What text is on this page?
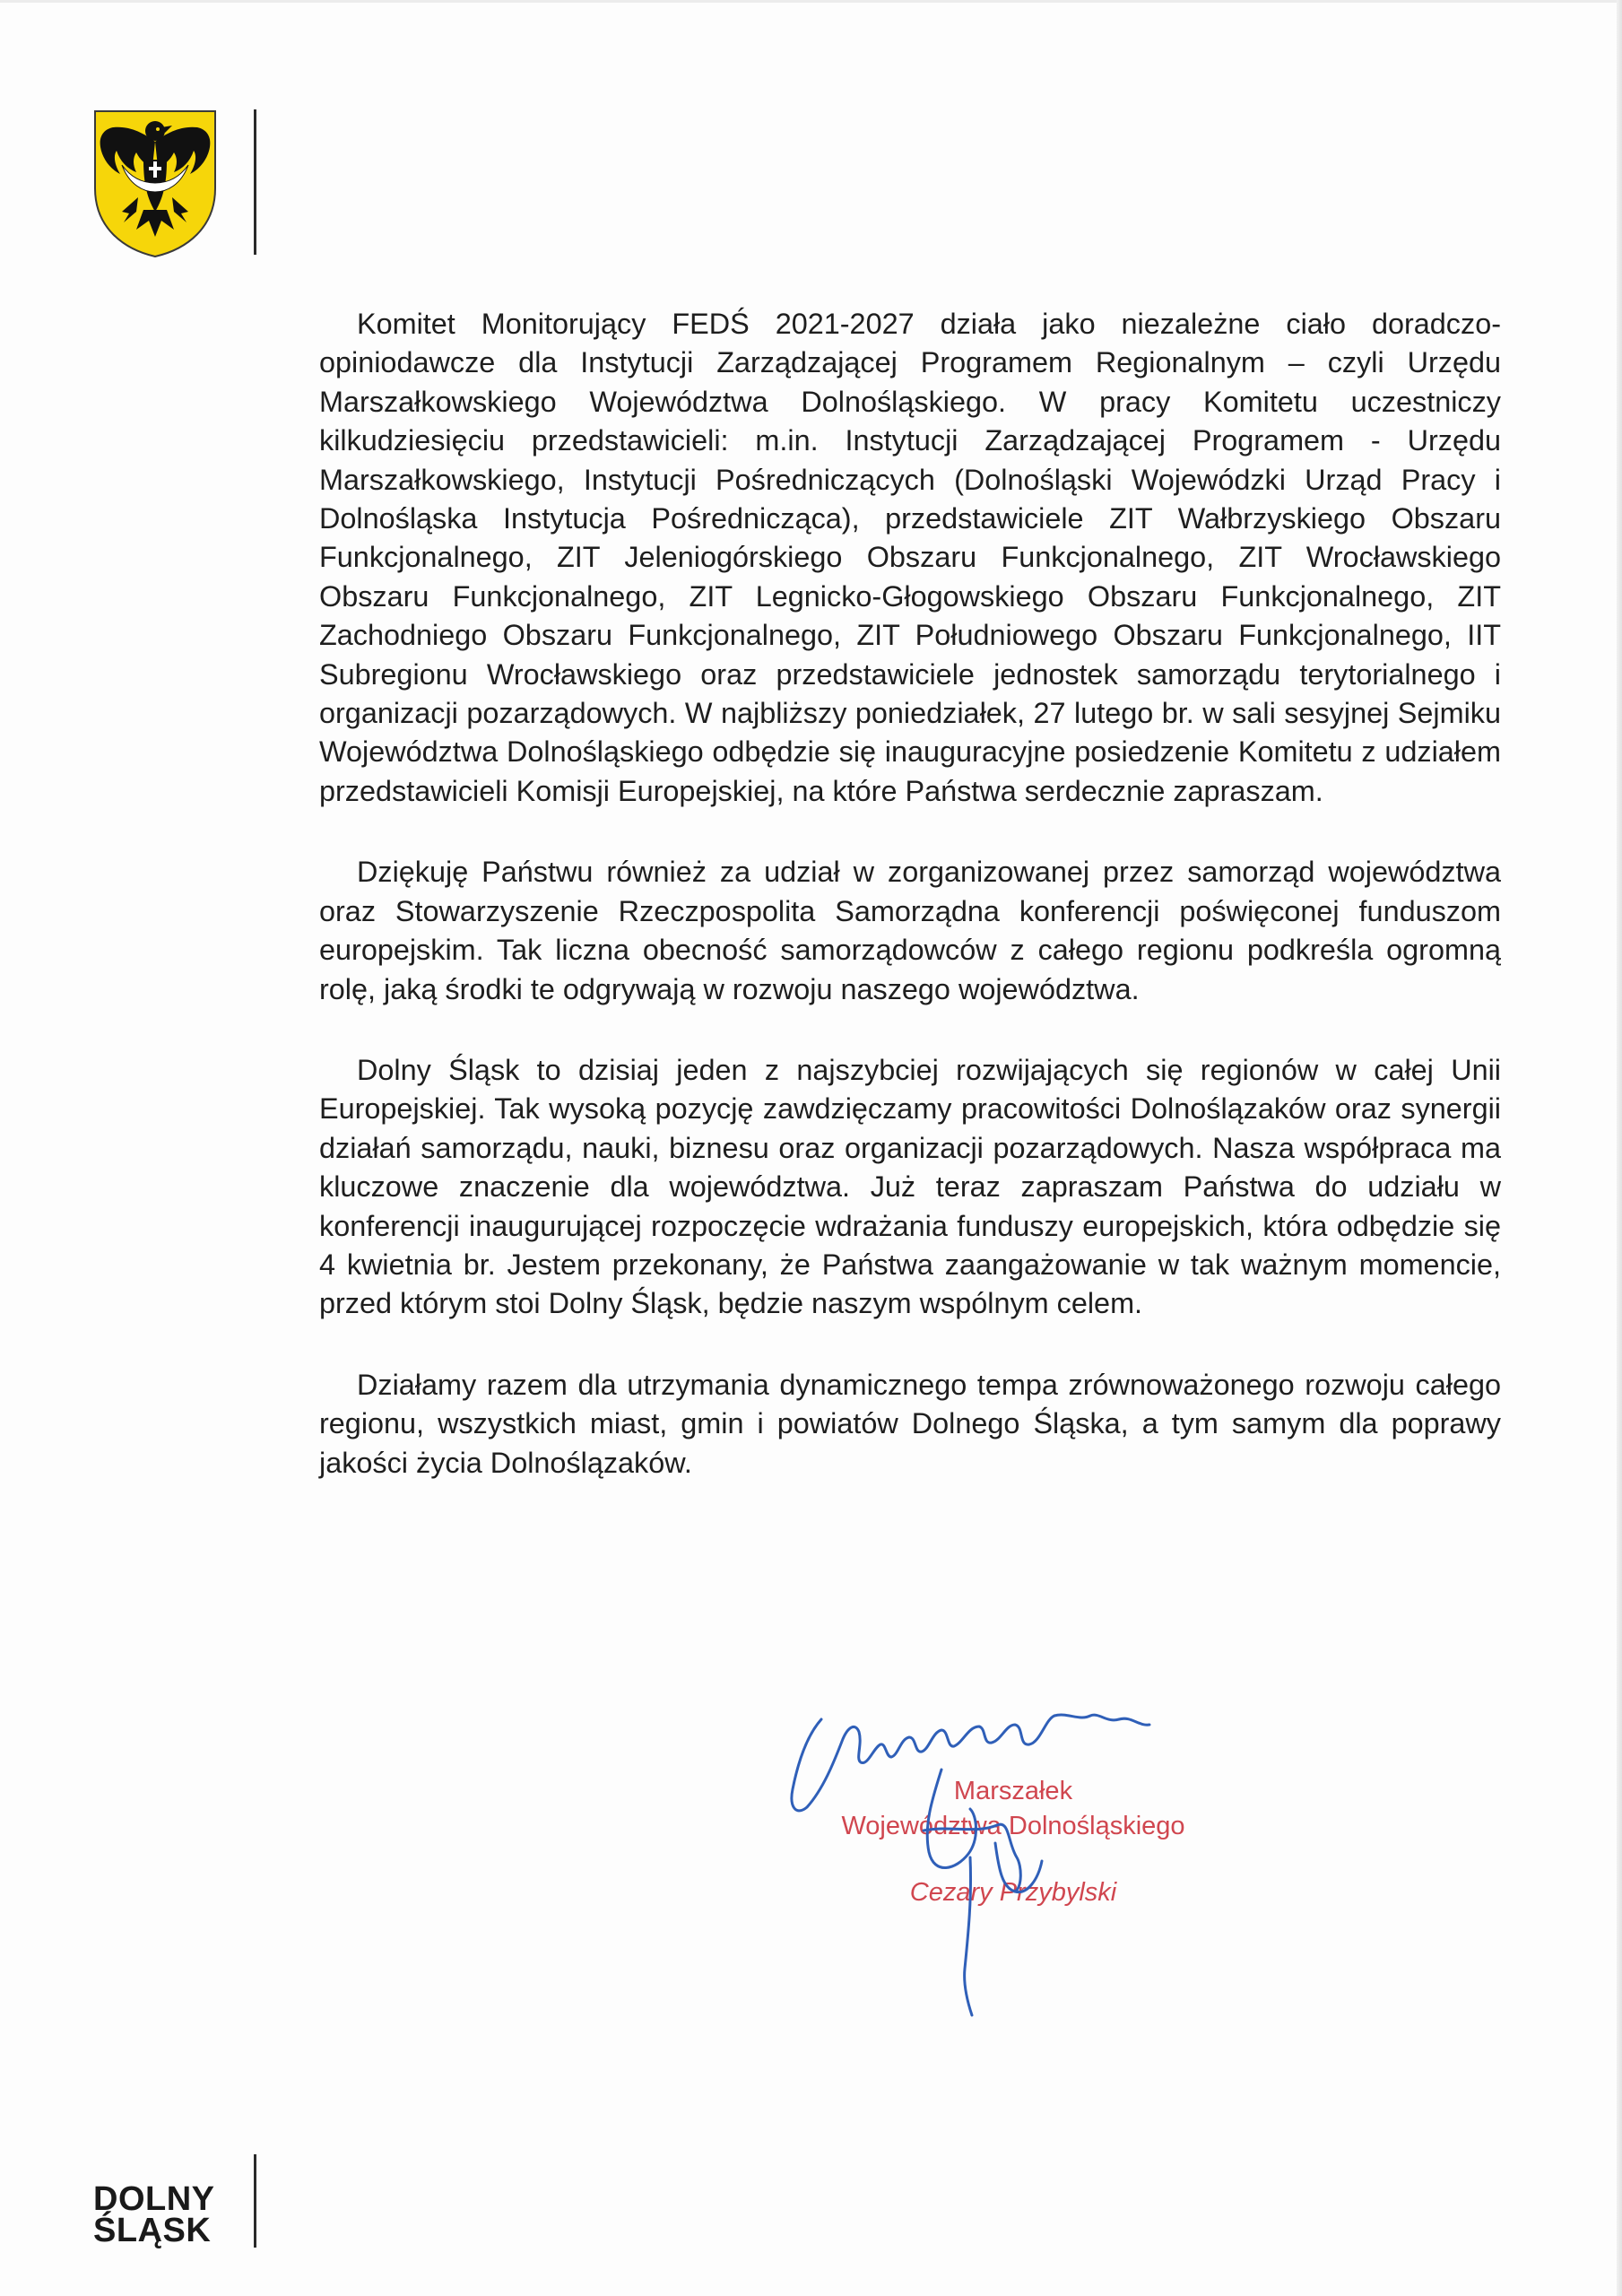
Komitet Monitorujący FEDŚ 2021-2027 działa jako niezależne ciało doradczo-opiniodawcze dla Instytucji Zarządzającej Programem Regionalnym – czyli Urzędu Marszałkowskiego Województwa Dolnośląskiego. W pracy Komitetu uczestniczy kilkudziesięciu przedstawicieli: m.in. Instytucji Zarządzającej Programem - Urzędu Marszałkowskiego, Instytucji Pośredniczących (Dolnośląski Wojewódzki Urząd Pracy i Dolnośląska Instytucja Pośrednicząca), przedstawiciele ZIT Wałbrzyskiego Obszaru Funkcjonalnego, ZIT Jeleniogórskiego Obszaru Funkcjonalnego, ZIT Wrocławskiego Obszaru Funkcjonalnego, ZIT Legnicko-Głogowskiego Obszaru Funkcjonalnego, ZIT Zachodniego Obszaru Funkcjonalnego, ZIT Południowego Obszaru Funkcjonalnego, IIT Subregionu Wrocławskiego oraz przedstawiciele jednostek samorządu terytorialnego i organizacji pozarządowych. W najbliższy poniedziałek, 27 lutego br. w sali sesyjnej Sejmiku Województwa Dolnośląskiego odbędzie się inauguracyjne posiedzenie Komitetu z udziałem przedstawicieli Komisji Europejskiej, na które Państwa serdecznie zapraszam.

Dziękuję Państwu również za udział w zorganizowanej przez samorząd województwa oraz Stowarzyszenie Rzeczpospolita Samorządna konferencji poświęconej funduszom europejskim. Tak liczna obecność samorządowców z całego regionu podkreśla ogromną rolę, jaką środki te odgrywają w rozwoju naszego województwa.

Dolny Śląsk to dzisiaj jeden z najszybciej rozwijających się regionów w całej Unii Europejskiej. Tak wysoką pozycję zawdzięczamy pracowitości Dolnoślązaków oraz synergii działań samorządu, nauki, biznesu oraz organizacji pozarządowych. Nasza współpraca ma kluczowe znaczenie dla województwa. Już teraz zapraszam Państwa do udziału w konferencji inaugurującej rozpoczęcie wdrażania funduszy europejskich, która odbędzie się 4 kwietnia br. Jestem przekonany, że Państwa zaangażowanie w tak ważnym momencie, przed którym stoi Dolny Śląsk, będzie naszym wspólnym celem.

Działamy razem dla utrzymania dynamicznego tempa zrównoważonego rozwoju całego regionu, wszystkich miast, gmin i powiatów Dolnego Śląska, a tym samym dla poprawy jakości życia Dolnoślązaków.

Marszałek
Województwa Dolnośląskiego
Cezary Przybylski
DOLNY
ŚLĄSK
